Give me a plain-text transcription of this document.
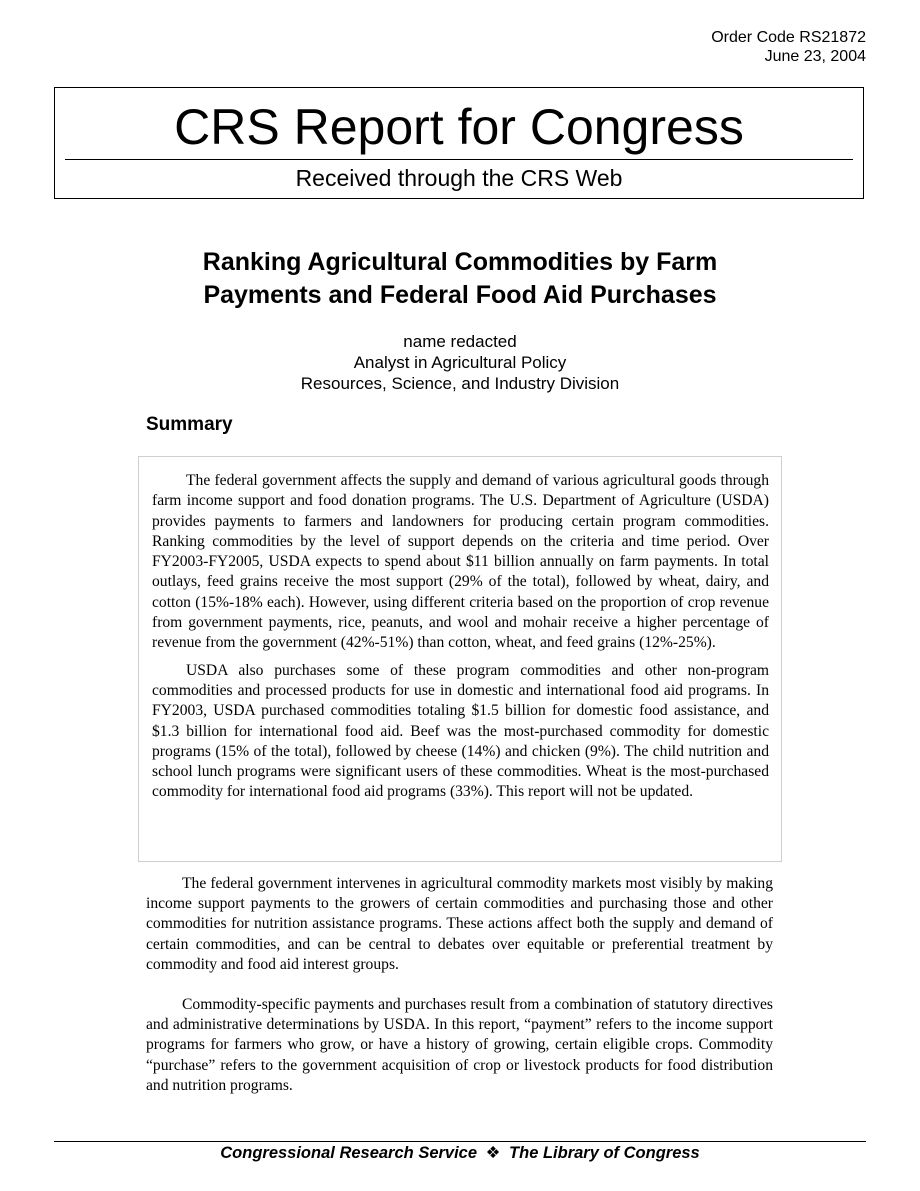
Order Code RS21872
June 23, 2004
CRS Report for Congress
Received through the CRS Web
Ranking Agricultural Commodities by Farm
Payments and Federal Food Aid Purchases
name redacted
Analyst in Agricultural Policy
Resources, Science, and Industry Division
Summary

The federal government affects the supply and demand of various agricultural goods through farm income support and food donation programs. The U.S. Department of Agriculture (USDA) provides payments to farmers and landowners for producing certain program commodities. Ranking commodities by the level of support depends on the criteria and time period. Over FY2003-FY2005, USDA expects to spend about $11 billion annually on farm payments. In total outlays, feed grains receive the most support (29% of the total), followed by wheat, dairy, and cotton (15%-18% each). However, using different criteria based on the proportion of crop revenue from government payments, rice, peanuts, and wool and mohair receive a higher percentage of revenue from the government (42%-51%) than cotton, wheat, and feed grains (12%-25%).

USDA also purchases some of these program commodities and other non-program commodities and processed products for use in domestic and international food aid programs. In FY2003, USDA purchased commodities totaling $1.5 billion for domestic food assistance, and $1.3 billion for international food aid. Beef was the most-purchased commodity for domestic programs (15% of the total), followed by cheese (14%) and chicken (9%). The child nutrition and school lunch programs were significant users of these commodities. Wheat is the most-purchased commodity for international food aid programs (33%). This report will not be updated.

The federal government intervenes in agricultural commodity markets most visibly by making income support payments to the growers of certain commodities and purchasing those and other commodities for nutrition assistance programs. These actions affect both the supply and demand of certain commodities, and can be central to debates over equitable or preferential treatment by commodity and food aid interest groups.

Commodity-specific payments and purchases result from a combination of statutory directives and administrative determinations by USDA. In this report, “payment” refers to the income support programs for farmers who grow, or have a history of growing, certain eligible crops. Commodity “purchase” refers to the government acquisition of crop or livestock products for food distribution and nutrition programs.

Congressional Research Service ❖ The Library of Congress
